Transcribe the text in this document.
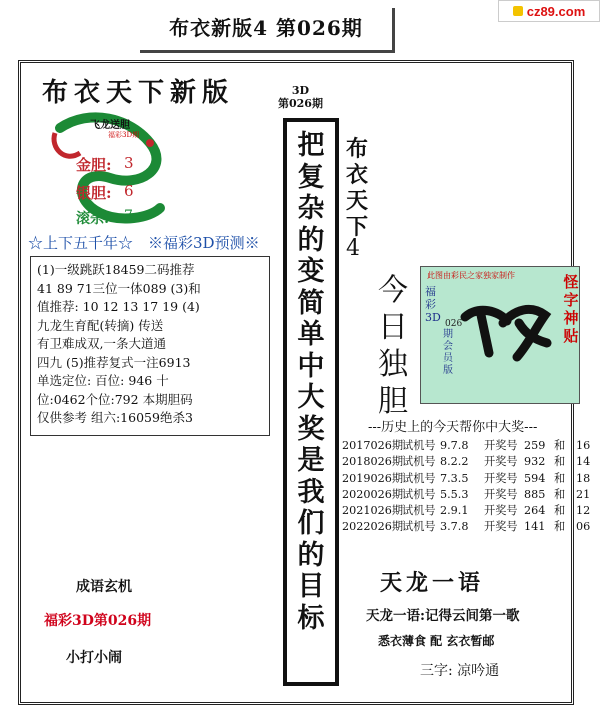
布衣新版4 第026期
cz89.com
布衣天下新版
飞龙送胆
福彩3D期
金胆: 3
银胆: 6
滚杀: 7
☆上下五千年☆ ※福彩3D预测※
(1)一级跳跃18459二码推荐
41 89 71三位一体089 (3)和
值推荐: 10 12 13 17 19 (4)
九龙生育配(转摘) 传送
有卫难成双,一条大道通
四九 (5)推荐复式一注6913
单选定位: 百位: 946 十
位:0462个位:792 本期胆码
仅供参考 组六:16059绝杀3
成语玄机
福彩3D第026期
小打小闹
3D
第026期
把
复
杂
的
变
简
单
中
大
奖
是
我
们
的
目
标
布
衣
天
下
4
今
日
独
胆
此图由彩民之家独家制作
福彩3D 026
期会员版
怪
字
神
贴
---历史上的今天帮你中大奖---
2017026期试机号 9.7.8 开奖号 259 和 16
2018026期试机号 8.2.2 开奖号 932 和 14
2019026期试机号 7.3.5 开奖号 594 和 18
2020026期试机号 5.5.3 开奖号 885 和 21
2021026期试机号 2.9.1 开奖号 264 和 12
2022026期试机号 3.7.8 开奖号 141 和 06
天龙一语
天龙一语:记得云间第一歌
悉衣薄食 配 玄衣暂邮
三字: 凉吟通
